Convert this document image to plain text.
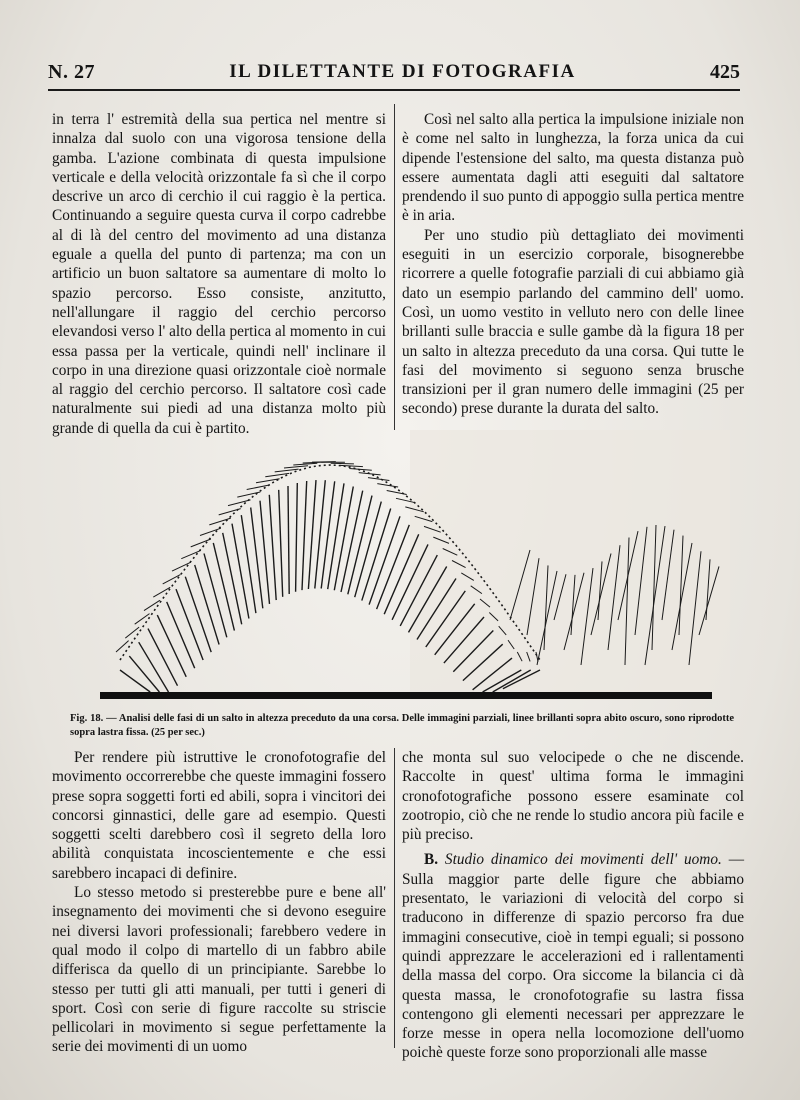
N. 27	IL DILETTANTE DI FOTOGRAFIA	425

in terra l' estremità della sua pertica nel mentre si innalza dal suolo con una vigorosa tensione della gamba. L'azione combinata di questa impulsione verticale e della velocità orizzontale fa sì che il corpo descrive un arco di cerchio il cui raggio è la pertica. Continuando a seguire questa curva il corpo cadrebbe al di là del centro del movimento ad una distanza eguale a quella del punto di partenza; ma con un artificio un buon saltatore sa aumentare di molto lo spazio percorso. Esso consiste, anzitutto, nell'allungare il raggio del cerchio percorso elevandosi verso l' alto della pertica al momento in cui essa passa per la verticale, quindi nell' inclinare il corpo in una direzione quasi orizzontale cioè normale al raggio del cerchio percorso. Il saltatore così cade naturalmente sui piedi ad una distanza molto più grande di quella da cui è partito.

Così nel salto alla pertica la impulsione iniziale non è come nel salto in lunghezza, la forza unica da cui dipende l'estensione del salto, ma questa distanza può essere aumentata dagli atti eseguiti dal saltatore prendendo il suo punto di appoggio sulla pertica mentre è in aria.

Per uno studio più dettagliato dei movimenti eseguiti in un esercizio corporale, bisognerebbe ricorrere a quelle fotografie parziali di cui abbiamo già dato un esempio parlando del cammino dell' uomo. Così, un uomo vestito in velluto nero con delle linee brillanti sulle braccia e sulle gambe dà la figura 18 per un salto in altezza preceduto da una corsa. Qui tutte le fasi del movimento si seguono senza brusche transizioni per il gran numero delle immagini (25 per secondo) prese durante la durata del salto.

Fig. 18. — Analisi delle fasi di un salto in altezza preceduto da una corsa. Delle immagini parziali, linee brillanti sopra abito oscuro, sono riprodotte sopra lastra fissa. (25 per sec.)

Per rendere più istruttive le cronofotografie del movimento occorrerebbe che queste immagini fossero prese sopra soggetti forti ed abili, sopra i vincitori dei concorsi ginnastici, delle gare ad esempio. Questi soggetti scelti darebbero così il segreto della loro abilità conquistata incoscientemente e che essi sarebbero incapaci di definire.

Lo stesso metodo si presterebbe pure e bene all' insegnamento dei movimenti che si devono eseguire nei diversi lavori professionali; farebbero vedere in qual modo il colpo di martello di un fabbro abile differisca da quello di un principiante. Sarebbe lo stesso per tutti gli atti manuali, per tutti i generi di sport. Così con serie di figure raccolte su striscie pellicolari in movimento si segue perfettamente la serie dei movimenti di un uomo

che monta sul suo velocipede o che ne discende. Raccolte in quest' ultima forma le immagini cronofotografiche possono essere esaminate col zootropio, ciò che ne rende lo studio ancora più facile e più preciso.

B. Studio dinamico dei movimenti dell' uomo. — Sulla maggior parte delle figure che abbiamo presentato, le variazioni di velocità del corpo si traducono in differenze di spazio percorso fra due immagini consecutive, cioè in tempi eguali; si possono quindi apprezzare le accelerazioni ed i rallentamenti della massa del corpo. Ora siccome la bilancia ci dà questa massa, le cronofotografie su lastra fissa contengono gli elementi necessari per apprezzare le forze messe in opera nella locomozione dell'uomo poichè queste forze sono proporzionali alle masse
